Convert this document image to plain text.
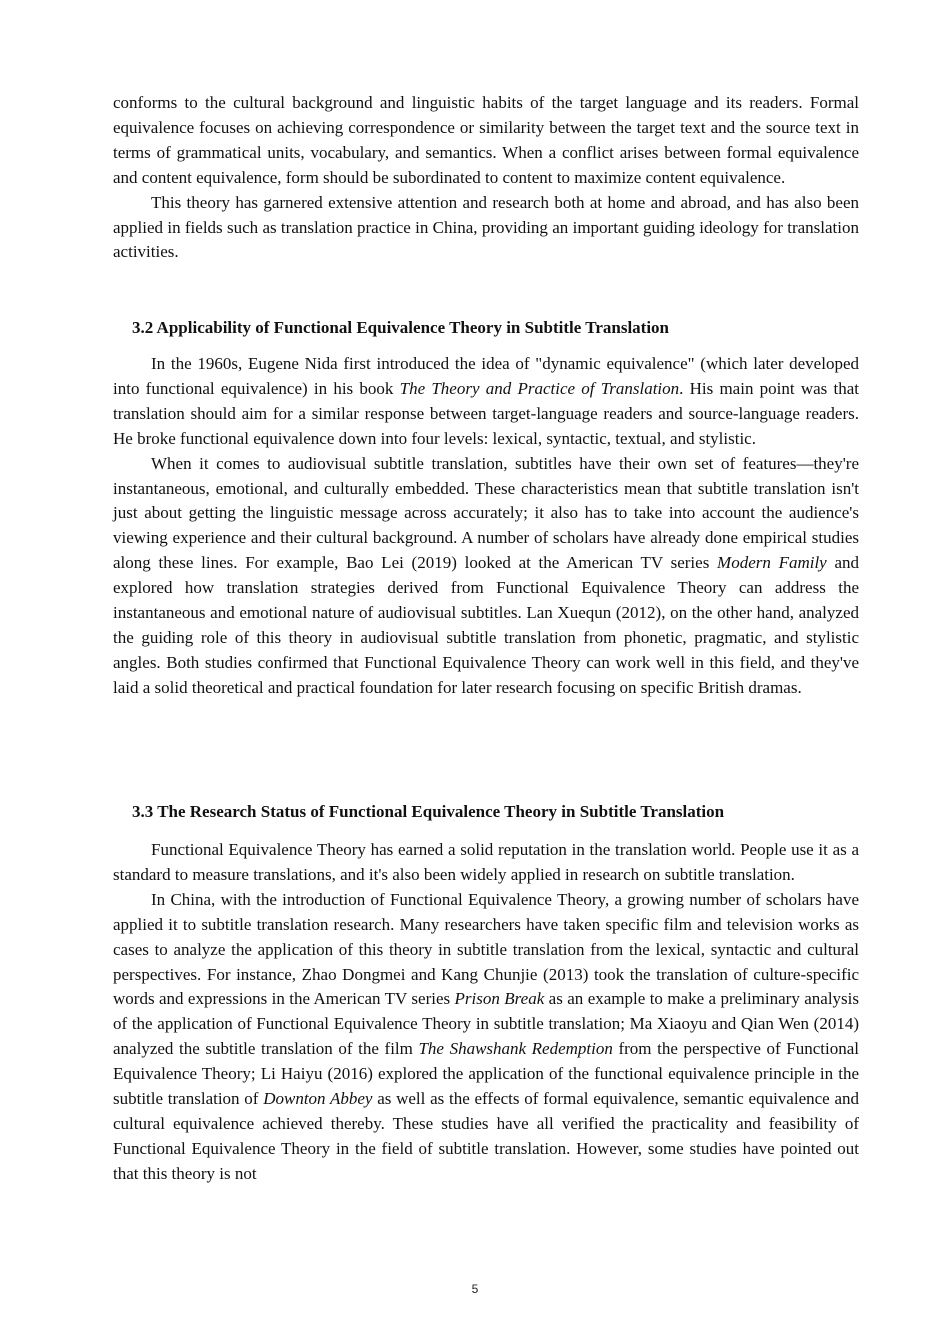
conforms to the cultural background and linguistic habits of the target language and its readers. Formal equivalence focuses on achieving correspondence or similarity between the target text and the source text in terms of grammatical units, vocabulary, and semantics. When a conflict arises between formal equivalence and content equivalence, form should be subordinated to content to maximize content equivalence.

This theory has garnered extensive attention and research both at home and abroad, and has also been applied in fields such as translation practice in China, providing an important guiding ideology for translation activities.

3.2 Applicability of Functional Equivalence Theory in Subtitle Translation

In the 1960s, Eugene Nida first introduced the idea of "dynamic equivalence" (which later developed into functional equivalence) in his book The Theory and Practice of Translation. His main point was that translation should aim for a similar response between target-language readers and source-language readers. He broke functional equivalence down into four levels: lexical, syntactic, textual, and stylistic.

When it comes to audiovisual subtitle translation, subtitles have their own set of features—they're instantaneous, emotional, and culturally embedded. These characteristics mean that subtitle translation isn't just about getting the linguistic message across accurately; it also has to take into account the audience's viewing experience and their cultural background. A number of scholars have already done empirical studies along these lines. For example, Bao Lei (2019) looked at the American TV series Modern Family and explored how translation strategies derived from Functional Equivalence Theory can address the instantaneous and emotional nature of audiovisual subtitles. Lan Xuequn (2012), on the other hand, analyzed the guiding role of this theory in audiovisual subtitle translation from phonetic, pragmatic, and stylistic angles. Both studies confirmed that Functional Equivalence Theory can work well in this field, and they've laid a solid theoretical and practical foundation for later research focusing on specific British dramas.

3.3 The Research Status of Functional Equivalence Theory in Subtitle Translation

Functional Equivalence Theory has earned a solid reputation in the translation world. People use it as a standard to measure translations, and it's also been widely applied in research on subtitle translation.

In China, with the introduction of Functional Equivalence Theory, a growing number of scholars have applied it to subtitle translation research. Many researchers have taken specific film and television works as cases to analyze the application of this theory in subtitle translation from the lexical, syntactic and cultural perspectives. For instance, Zhao Dongmei and Kang Chunjie (2013) took the translation of culture-specific words and expressions in the American TV series Prison Break as an example to make a preliminary analysis of the application of Functional Equivalence Theory in subtitle translation; Ma Xiaoyu and Qian Wen (2014) analyzed the subtitle translation of the film The Shawshank Redemption from the perspective of Functional Equivalence Theory; Li Haiyu (2016) explored the application of the functional equivalence principle in the subtitle translation of Downton Abbey as well as the effects of formal equivalence, semantic equivalence and cultural equivalence achieved thereby. These studies have all verified the practicality and feasibility of Functional Equivalence Theory in the field of subtitle translation. However, some studies have pointed out that this theory is not

5
